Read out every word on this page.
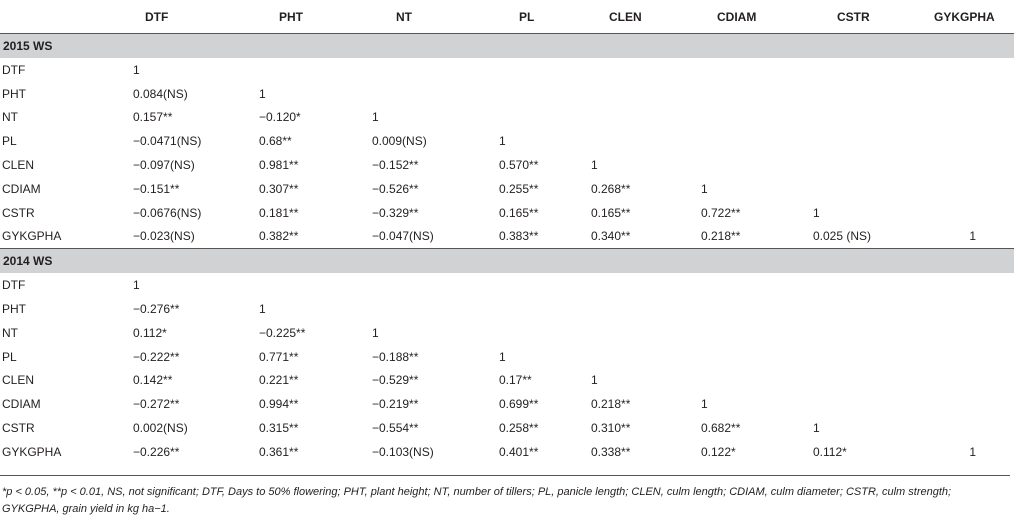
	DTF	PHT	NT	PL	CLEN	CDIAM	CSTR	GYKGPHA
2015 WS								
DTF	1							
PHT	0.084(NS)	1						
NT	0.157**	−0.120*	1					
PL	−0.0471(NS)	0.68**	0.009(NS)	1				
CLEN	−0.097(NS)	0.981**	−0.152**	0.570**	1			
CDIAM	−0.151**	0.307**	−0.526**	0.255**	0.268**	1		
CSTR	−0.0676(NS)	0.181**	−0.329**	0.165**	0.165**	0.722**	1	
GYKGPHA	−0.023(NS)	0.382**	−0.047(NS)	0.383**	0.340**	0.218**	0.025 (NS)	1
2014 WS								
DTF	1							
PHT	−0.276**	1						
NT	0.112*	−0.225**	1					
PL	−0.222**	0.771**	−0.188**	1				
CLEN	0.142**	0.221**	−0.529**	0.17**	1			
CDIAM	−0.272**	0.994**	−0.219**	0.699**	0.218**	1		
CSTR	0.002(NS)	0.315**	−0.554**	0.258**	0.310**	0.682**	1	
GYKGPHA	−0.226**	0.361**	−0.103(NS)	0.401**	0.338**	0.122*	0.112*	1
*p < 0.05, **p < 0.01, NS, not significant; DTF, Days to 50% flowering; PHT, plant height; NT, number of tillers; PL, panicle length; CLEN, culm length; CDIAM, culm diameter; CSTR, culm strength; GYKGPHA, grain yield in kg ha−1.
